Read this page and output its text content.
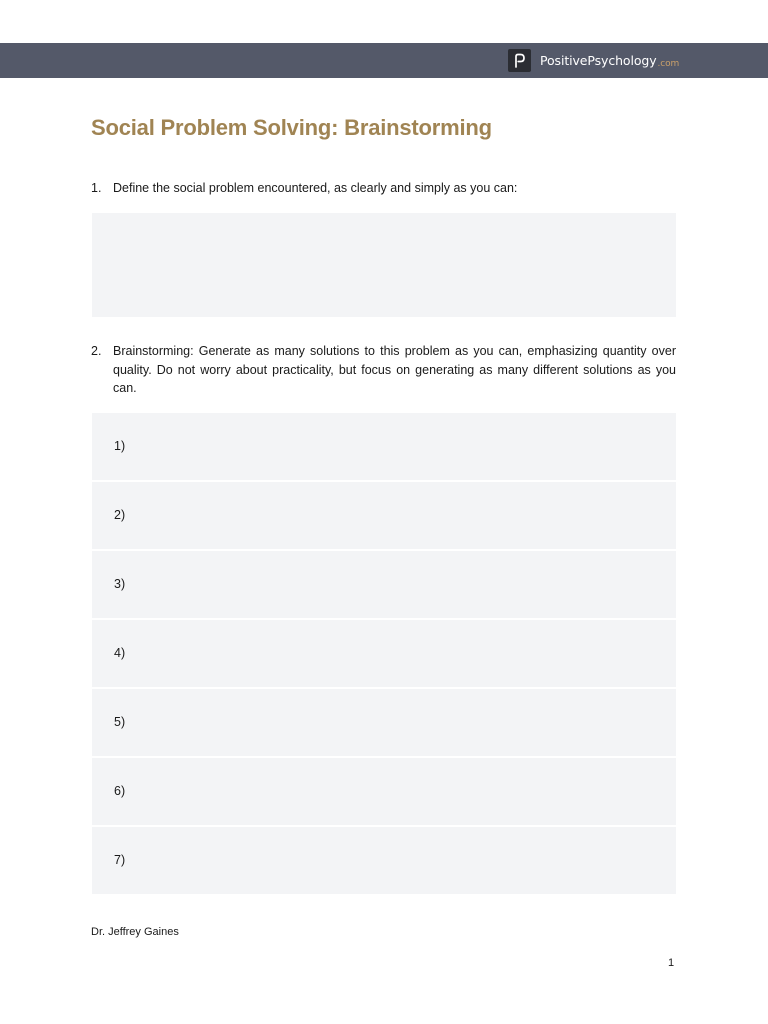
PositivePsychology.com
Social Problem Solving: Brainstorming
1. Define the social problem encountered, as clearly and simply as you can:
2. Brainstorming: Generate as many solutions to this problem as you can, emphasizing quantity over quality. Do not worry about practicality, but focus on generating as many different solutions as you can.
1)
2)
3)
4)
5)
6)
7)
Dr. Jeffrey Gaines
1
